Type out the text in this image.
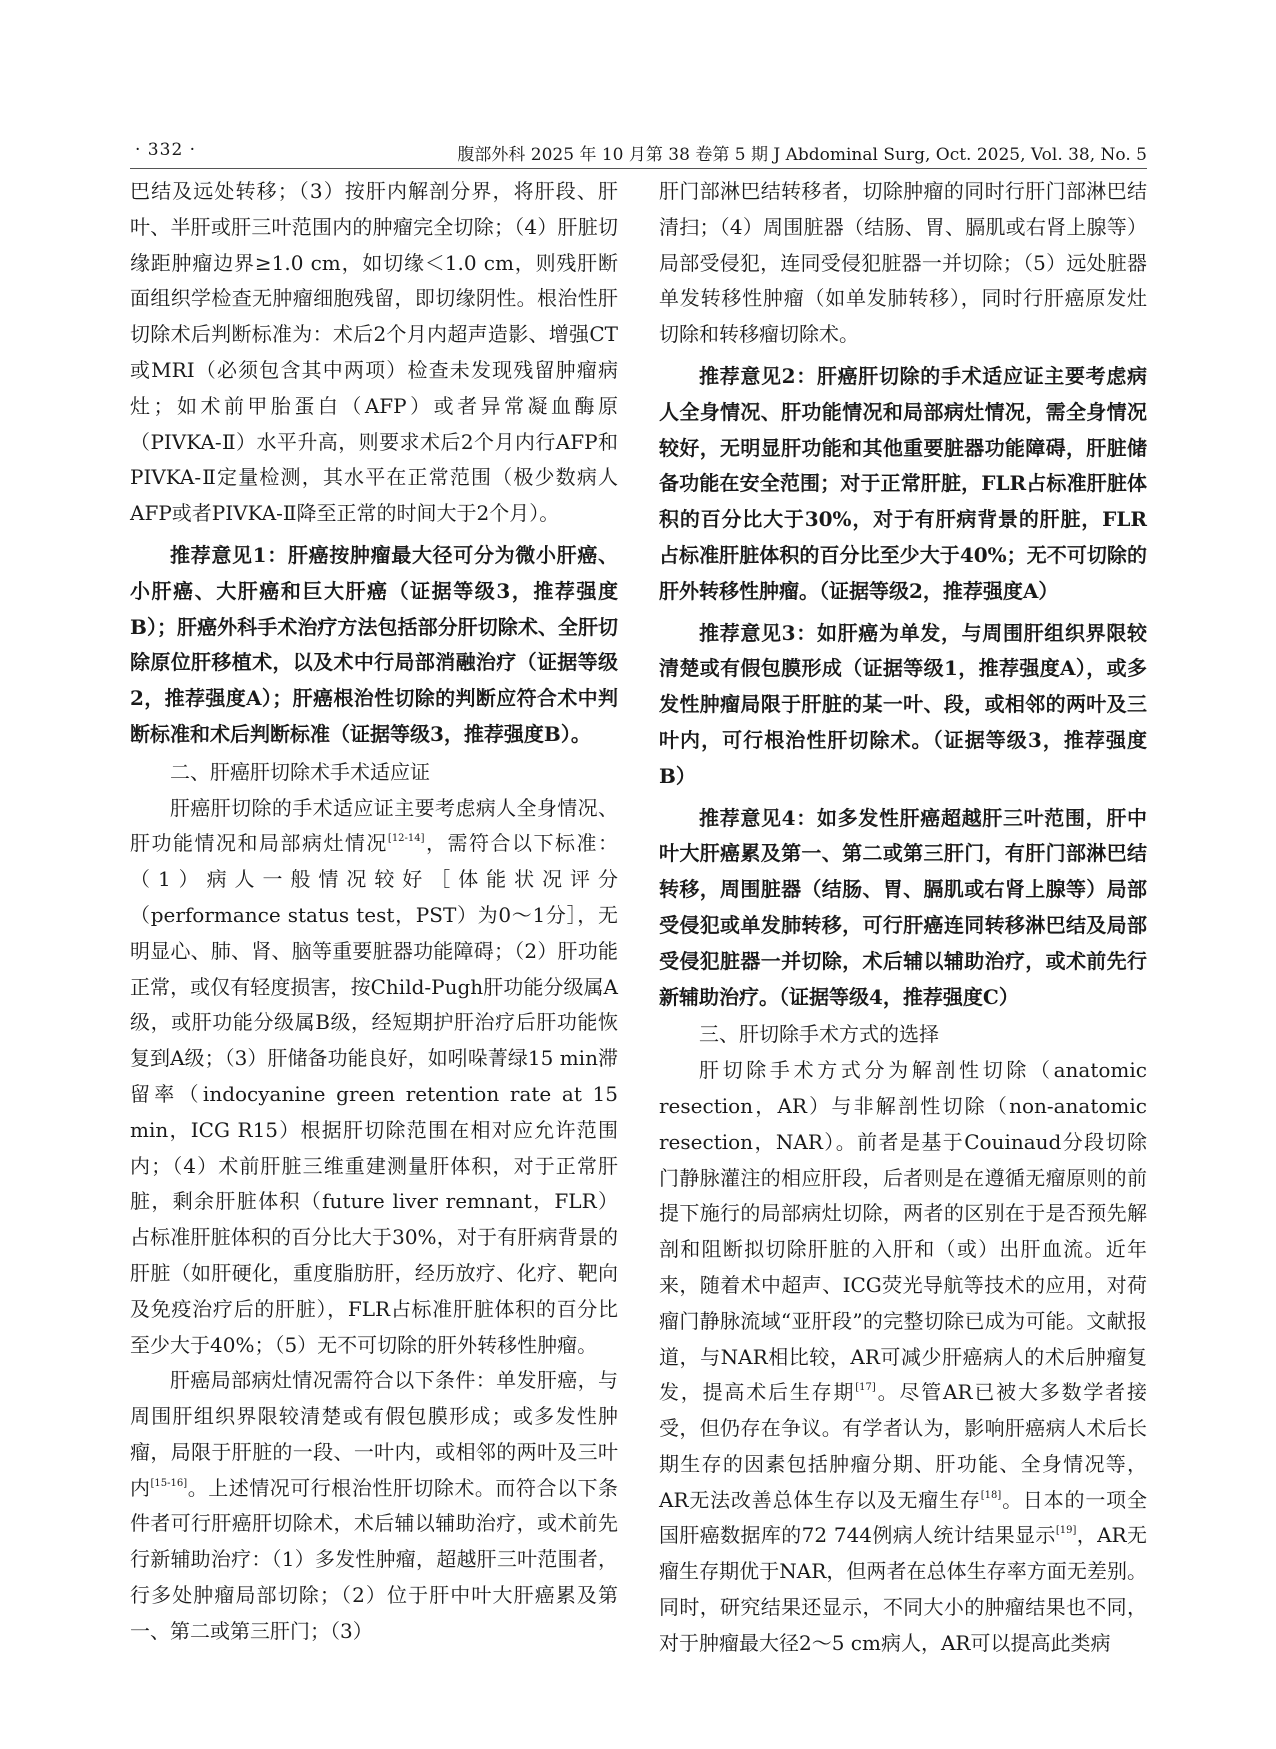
· 332 ·	腹部外科 2025 年 10 月第 38 卷第 5 期 J Abdominal Surg, Oct. 2025, Vol. 38, No. 5

巴结及远处转移；（3）按肝内解剖分界，将肝段、肝叶、半肝或肝三叶范围内的肿瘤完全切除；（4）肝脏切缘距肿瘤边界≥1.0 cm，如切缘＜1.0 cm，则残肝断面组织学检查无肿瘤细胞残留，即切缘阴性。根治性肝切除术后判断标准为：术后2个月内超声造影、增强CT或MRI（必须包含其中两项）检查未发现残留肿瘤病灶；如术前甲胎蛋白（AFP）或者异常凝血酶原（PIVKA-Ⅱ）水平升高，则要求术后2个月内行AFP和PIVKA-Ⅱ定量检测，其水平在正常范围（极少数病人AFP或者PIVKA-Ⅱ降至正常的时间大于2个月）。

推荐意见1：肝癌按肿瘤最大径可分为微小肝癌、小肝癌、大肝癌和巨大肝癌（证据等级3，推荐强度B）；肝癌外科手术治疗方法包括部分肝切除术、全肝切除原位肝移植术，以及术中行局部消融治疗（证据等级2，推荐强度A）；肝癌根治性切除的判断应符合术中判断标准和术后判断标准（证据等级3，推荐强度B）。

二、肝癌肝切除术手术适应证

肝癌肝切除的手术适应证主要考虑病人全身情况、肝功能情况和局部病灶情况[12-14]，需符合以下标准：（1）病人一般情况较好［体能状况评分（performance status test，PST）为0～1分］，无明显心、肺、肾、脑等重要脏器功能障碍；（2）肝功能正常，或仅有轻度损害，按Child-Pugh肝功能分级属A级，或肝功能分级属B级，经短期护肝治疗后肝功能恢复到A级；（3）肝储备功能良好，如吲哚菁绿15 min滞留率（indocyanine green retention rate at 15 min，ICG R15）根据肝切除范围在相对应允许范围内；（4）术前肝脏三维重建测量肝体积，对于正常肝脏，剩余肝脏体积（future liver remnant，FLR）占标准肝脏体积的百分比大于30%，对于有肝病背景的肝脏（如肝硬化，重度脂肪肝，经历放疗、化疗、靶向及免疫治疗后的肝脏），FLR占标准肝脏体积的百分比至少大于40%；（5）无不可切除的肝外转移性肿瘤。

肝癌局部病灶情况需符合以下条件：单发肝癌，与周围肝组织界限较清楚或有假包膜形成；或多发性肿瘤，局限于肝脏的一段、一叶内，或相邻的两叶及三叶内[15-16]。上述情况可行根治性肝切除术。而符合以下条件者可行肝癌肝切除术，术后辅以辅助治疗，或术前先行新辅助治疗：（1）多发性肿瘤，超越肝三叶范围者，行多处肿瘤局部切除；（2）位于肝中叶大肝癌累及第一、第二或第三肝门；（3）

肝门部淋巴结转移者，切除肿瘤的同时行肝门部淋巴结清扫；（4）周围脏器（结肠、胃、膈肌或右肾上腺等）局部受侵犯，连同受侵犯脏器一并切除；（5）远处脏器单发转移性肿瘤（如单发肺转移），同时行肝癌原发灶切除和转移瘤切除术。

推荐意见2：肝癌肝切除的手术适应证主要考虑病人全身情况、肝功能情况和局部病灶情况，需全身情况较好，无明显肝功能和其他重要脏器功能障碍，肝脏储备功能在安全范围；对于正常肝脏，FLR占标准肝脏体积的百分比大于30%，对于有肝病背景的肝脏，FLR占标准肝脏体积的百分比至少大于40%；无不可切除的肝外转移性肿瘤。（证据等级2，推荐强度A）

推荐意见3：如肝癌为单发，与周围肝组织界限较清楚或有假包膜形成（证据等级1，推荐强度A），或多发性肿瘤局限于肝脏的某一叶、段，或相邻的两叶及三叶内，可行根治性肝切除术。（证据等级3，推荐强度B）

推荐意见4：如多发性肝癌超越肝三叶范围，肝中叶大肝癌累及第一、第二或第三肝门，有肝门部淋巴结转移，周围脏器（结肠、胃、膈肌或右肾上腺等）局部受侵犯或单发肺转移，可行肝癌连同转移淋巴结及局部受侵犯脏器一并切除，术后辅以辅助治疗，或术前先行新辅助治疗。（证据等级4，推荐强度C）

三、肝切除手术方式的选择

肝切除手术方式分为解剖性切除（anatomic resection，AR）与非解剖性切除（non-anatomic resection，NAR）。前者是基于Couinaud分段切除门静脉灌注的相应肝段，后者则是在遵循无瘤原则的前提下施行的局部病灶切除，两者的区别在于是否预先解剖和阻断拟切除肝脏的入肝和（或）出肝血流。近年来，随着术中超声、ICG荧光导航等技术的应用，对荷瘤门静脉流域“亚肝段”的完整切除已成为可能。文献报道，与NAR相比较，AR可减少肝癌病人的术后肿瘤复发，提高术后生存期[17]。尽管AR已被大多数学者接受，但仍存在争议。有学者认为，影响肝癌病人术后长期生存的因素包括肿瘤分期、肝功能、全身情况等，AR无法改善总体生存以及无瘤生存[18]。日本的一项全国肝癌数据库的72 744例病人统计结果显示[19]，AR无瘤生存期优于NAR，但两者在总体生存率方面无差别。同时，研究结果还显示，不同大小的肿瘤结果也不同，对于肿瘤最大径2～5 cm病人，AR可以提高此类病
